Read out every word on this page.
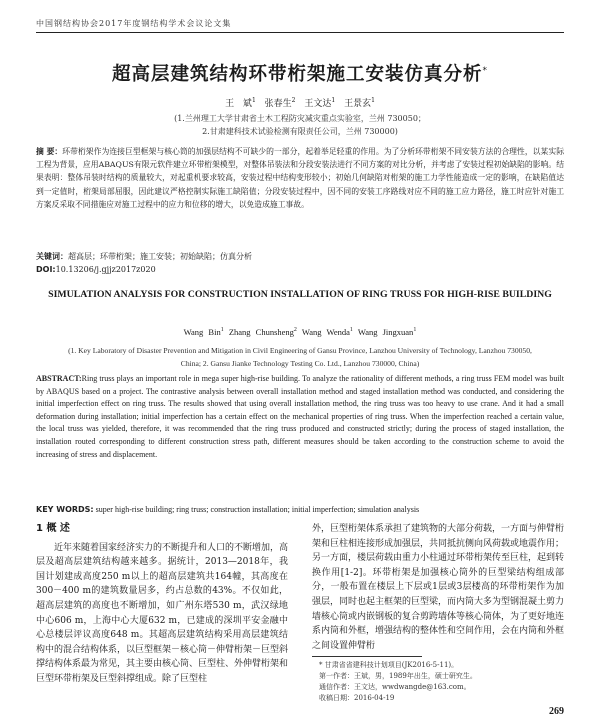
中国钢结构协会2017年度钢结构学术会议论文集
超高层建筑结构环带桁架施工安装仿真分析*
王 斌$^1$ 张春生$^2$ 王文达$^1$ 王景玄$^1$
(1.兰州理工大学甘肃省土木工程防灾减灾重点实验室，兰州 730050；
2.甘肃建科技术试验检测有限责任公司，兰州 730000)
摘 要：环带桁架作为连接巨型框架与核心筒的加强层结构不可缺少的一部分，起着举足轻重的作用。为了分析环带桁架不同安装方法的合理性，以某实际工程为背景，应用ABAQUS有限元软件建立环带桁架模型，对整体吊装法和分段安装法进行不同方案的对比分析，并考虑了安装过程初始缺陷的影响。结果表明：整体吊装时结构的质量较大，对起重机要求较高，安装过程中结构变形较小；初始几何缺陷对桁架的施工力学性能造成一定的影响，在缺陷值达到一定值时，桁架局部屈服，因此建议严格控制实际施工缺陷值；分段安装过程中，因不同的安装工序路线对应不同的施工应力路径，施工时应针对施工方案反采取不同措施应对施工过程中的应力和位移的增大，以免造成施工事故。
关键词：超高层；环带桁架；施工安装；初始缺陷；仿真分析
DOI:10.13206/j.gjjz2017z020
SIMULATION ANALYSIS FOR CONSTRUCTION INSTALLATION OF RING TRUSS FOR HIGH-RISE BUILDING
Wang Bin$^1$ Zhang Chunsheng$^2$ Wang Wenda$^1$ Wang Jingxuan$^1$
(1. Key Laboratory of Disaster Prevention and Mitigation in Civil Engineering of Gansu Province, Lanzhou University of Technology, Lanzhou 730050, China; 2. Gansu Jianke Technology Testing Co. Ltd., Lanzhou 730000, China)
ABSTRACT:Ring truss plays an important role in mega super high-rise building. To analyze the rationality of different methods, a ring truss FEM model was built by ABAQUS based on a project. The contrastive analysis between overall installation method and staged installation method was conducted, and considering the initial imperfection effect on ring truss. The results showed that using overall installation method, the ring truss was too heavy to use crane. And it had a small deformation during installation; initial imperfection has a certain effect on the mechanical properties of ring truss. When the imperfection reached a certain value, the local truss was yielded, therefore, it was recommended that the ring truss produced and constructed strictly; during the process of staged installation, the installation routed corresponding to different construction stress path, different measures should be taken according to the construction scheme to avoid the increasing of stress and displacement.
KEY WORDS: super high-rise building; ring truss; construction installation; initial imperfection; simulation analysis
1 概 述

近年来随着国家经济实力的不断提升和人口的不断增加，高层及超高层建筑结构越来越多。据统计，2013—2018年，我国计划建成高度250 m以上的超高层建筑共164幢，其高度在300－400 m的建筑数量居多，约占总数的43%。不仅如此，超高层建筑的高度也不断增加，如广州东塔530 m，武汉绿地中心606 m，上海中心大厦632 m，已建成的深圳平安金融中心总楼层评议高度648 m。其超高层建筑结构采用高层建筑结构中的混合结构体系，以巨型框架－核心筒－伸臂桁架－巨型斜撑结构体系最为常见，其主要由核心筒、巨型柱、外伸臂桁架和巨型环带桁架及巨型斜撑组成。除了巨型柱

外，巨型桁架体系承担了建筑物的大部分荷载，一方面与伸臂桁架和巨柱相连接形成加强层，共同抵抗侧向风荷载或地震作用；另一方面，楼层荷载由重力小柱通过环带桁架传至巨柱，起到转换作用[1-2]。环带桁架是加强核心筒外的巨型梁结构组成部分，一般布置在楼层上下层或1层或3层楼高的环带桁架作为加强层，同时也起主框架的巨型梁，而内筒大多为型钢混凝土剪力墙核心筒或内嵌钢板的复合剪跨墙体等核心筒体，为了更好地连系内筒和外框，增强结构的整体性和空间作用，会在内筒和外框之间设置伸臂桁

* 甘肃省省建科技计划项目(JK2016-5-11)。
第一作者：王斌，男，1989年出生，硕士研究生。
通信作者：王文达，wwdwangde@163.com。
收稿日期：2016-04-19
269
